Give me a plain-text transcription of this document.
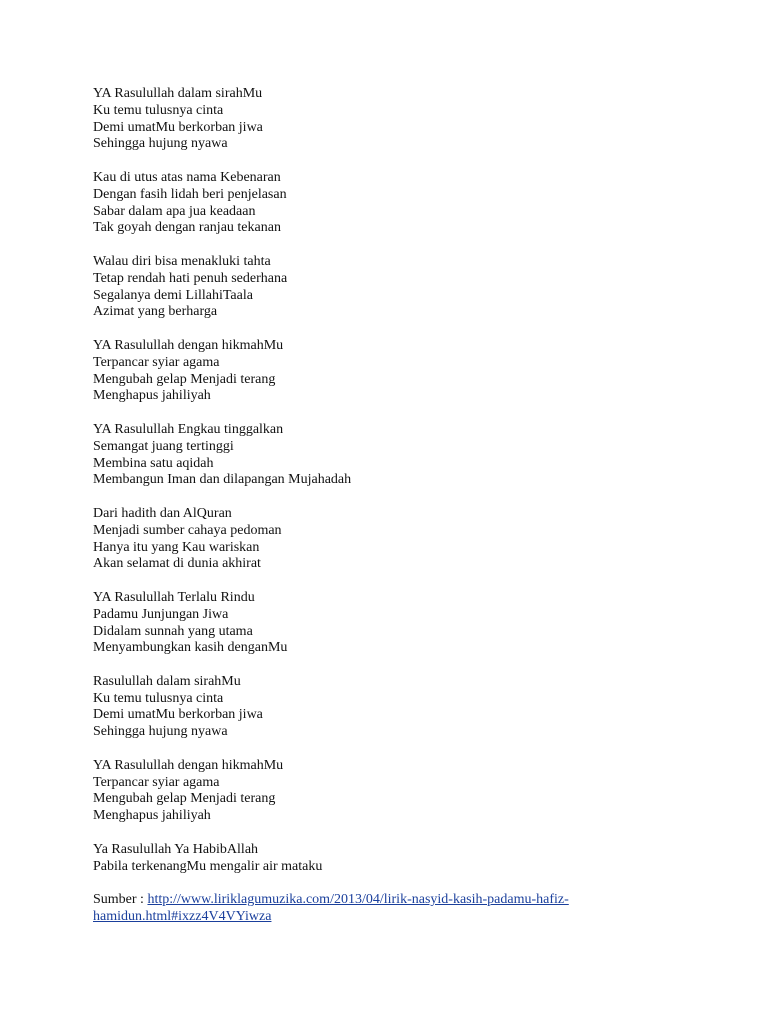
YA Rasulullah dalam sirahMu
Ku temu tulusnya cinta
Demi umatMu berkorban jiwa
Sehingga hujung nyawa
Kau di utus atas nama Kebenaran
Dengan fasih lidah beri penjelasan
Sabar dalam apa jua keadaan
Tak goyah dengan ranjau tekanan
Walau diri bisa menakluki tahta
Tetap rendah hati penuh sederhana
Segalanya demi LillahiTaala
Azimat yang berharga
YA Rasulullah dengan hikmahMu
Terpancar syiar agama
Mengubah gelap Menjadi terang
Menghapus jahiliyah
YA Rasulullah Engkau tinggalkan
Semangat juang tertinggi
Membina satu aqidah
Membangun Iman dan dilapangan Mujahadah
Dari hadith dan AlQuran
Menjadi sumber cahaya pedoman
Hanya itu yang Kau wariskan
Akan selamat di dunia akhirat
YA Rasulullah Terlalu Rindu
Padamu Junjungan Jiwa
Didalam sunnah yang utama
Menyambungkan kasih denganMu
Rasulullah dalam sirahMu
Ku temu tulusnya cinta
Demi umatMu berkorban jiwa
Sehingga hujung nyawa
YA Rasulullah dengan hikmahMu
Terpancar syiar agama
Mengubah gelap Menjadi terang
Menghapus jahiliyah
Ya Rasulullah Ya HabibAllah
Pabila terkenangMu mengalir air mataku
Sumber : http://www.liriklagumuzika.com/2013/04/lirik-nasyid-kasih-padamu-hafiz-
hamidun.html#ixzz4V4VYiwza
